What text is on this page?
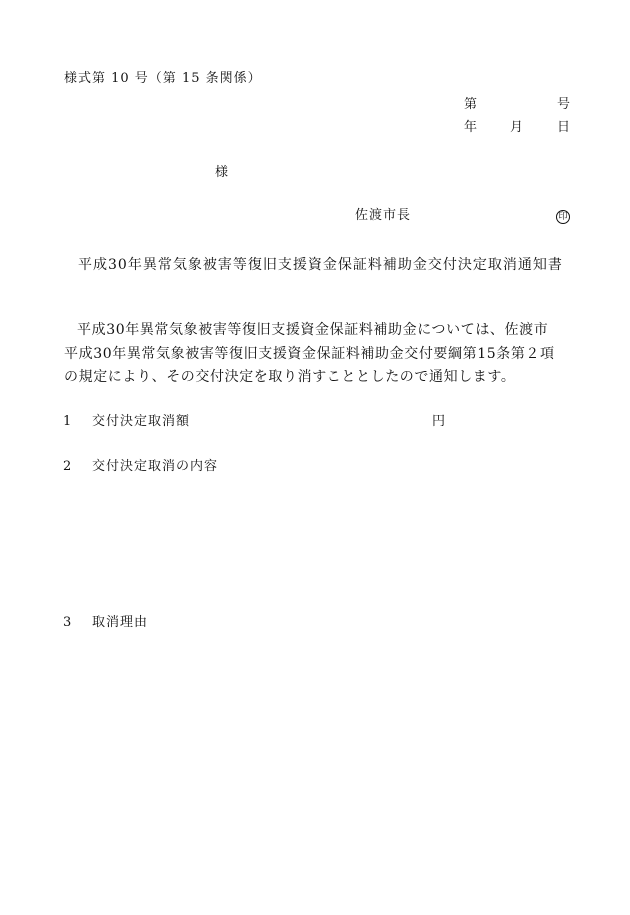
様式第 10 号（第 15 条関係）
第	号
年 月	日
様
佐渡市長	印
平成30年異常気象被害等復旧支援資金保証料補助金交付決定取消通知書
平成30年異常気象被害等復旧支援資金保証料補助金については、佐渡市
平成30年異常気象被害等復旧支援資金保証料補助金交付要綱第15条第２項
の規定により、その交付決定を取り消すこととしたので通知します。
1 交付決定取消額	円
2 交付決定取消の内容
3 取消理由
